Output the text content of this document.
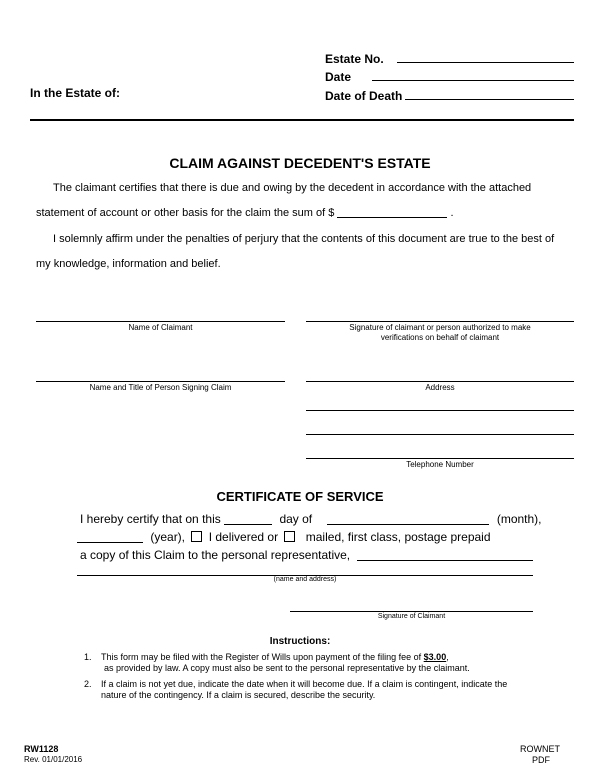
Estate No.
Date
Date of Death
In the Estate of:
CLAIM AGAINST DECEDENT'S ESTATE
The claimant certifies that there is due and owing by the decedent in accordance with the attached
statement of account or other basis for the claim the sum of $	.
I solemnly affirm under the penalties of perjury that the contents of this document are true to the best of
my knowledge, information and belief.
Name of Claimant	Signature of claimant or person authorized to make
verifications on behalf of claimant
Name and Title of Person Signing Claim	Address
Telephone Number
CERTIFICATE OF SERVICE
I hereby certify that on this	day of	(month),
(year), I delivered or mailed, first class, postage prepaid
a copy of this Claim to the personal representative,
(name and address)
Signature of Claimant
Instructions:
1. This form may be filed with the Register of Wills upon payment of the filing fee of $3.00,
as provided by law. A copy must also be sent to the personal representative by the claimant.
2. If a claim is not yet due, indicate the date when it will become due. If a claim is contingent, indicate the
nature of the contingency. If a claim is secured, describe the security.
RW1128
Rev. 01/01/2016
ROWNET
PDF
